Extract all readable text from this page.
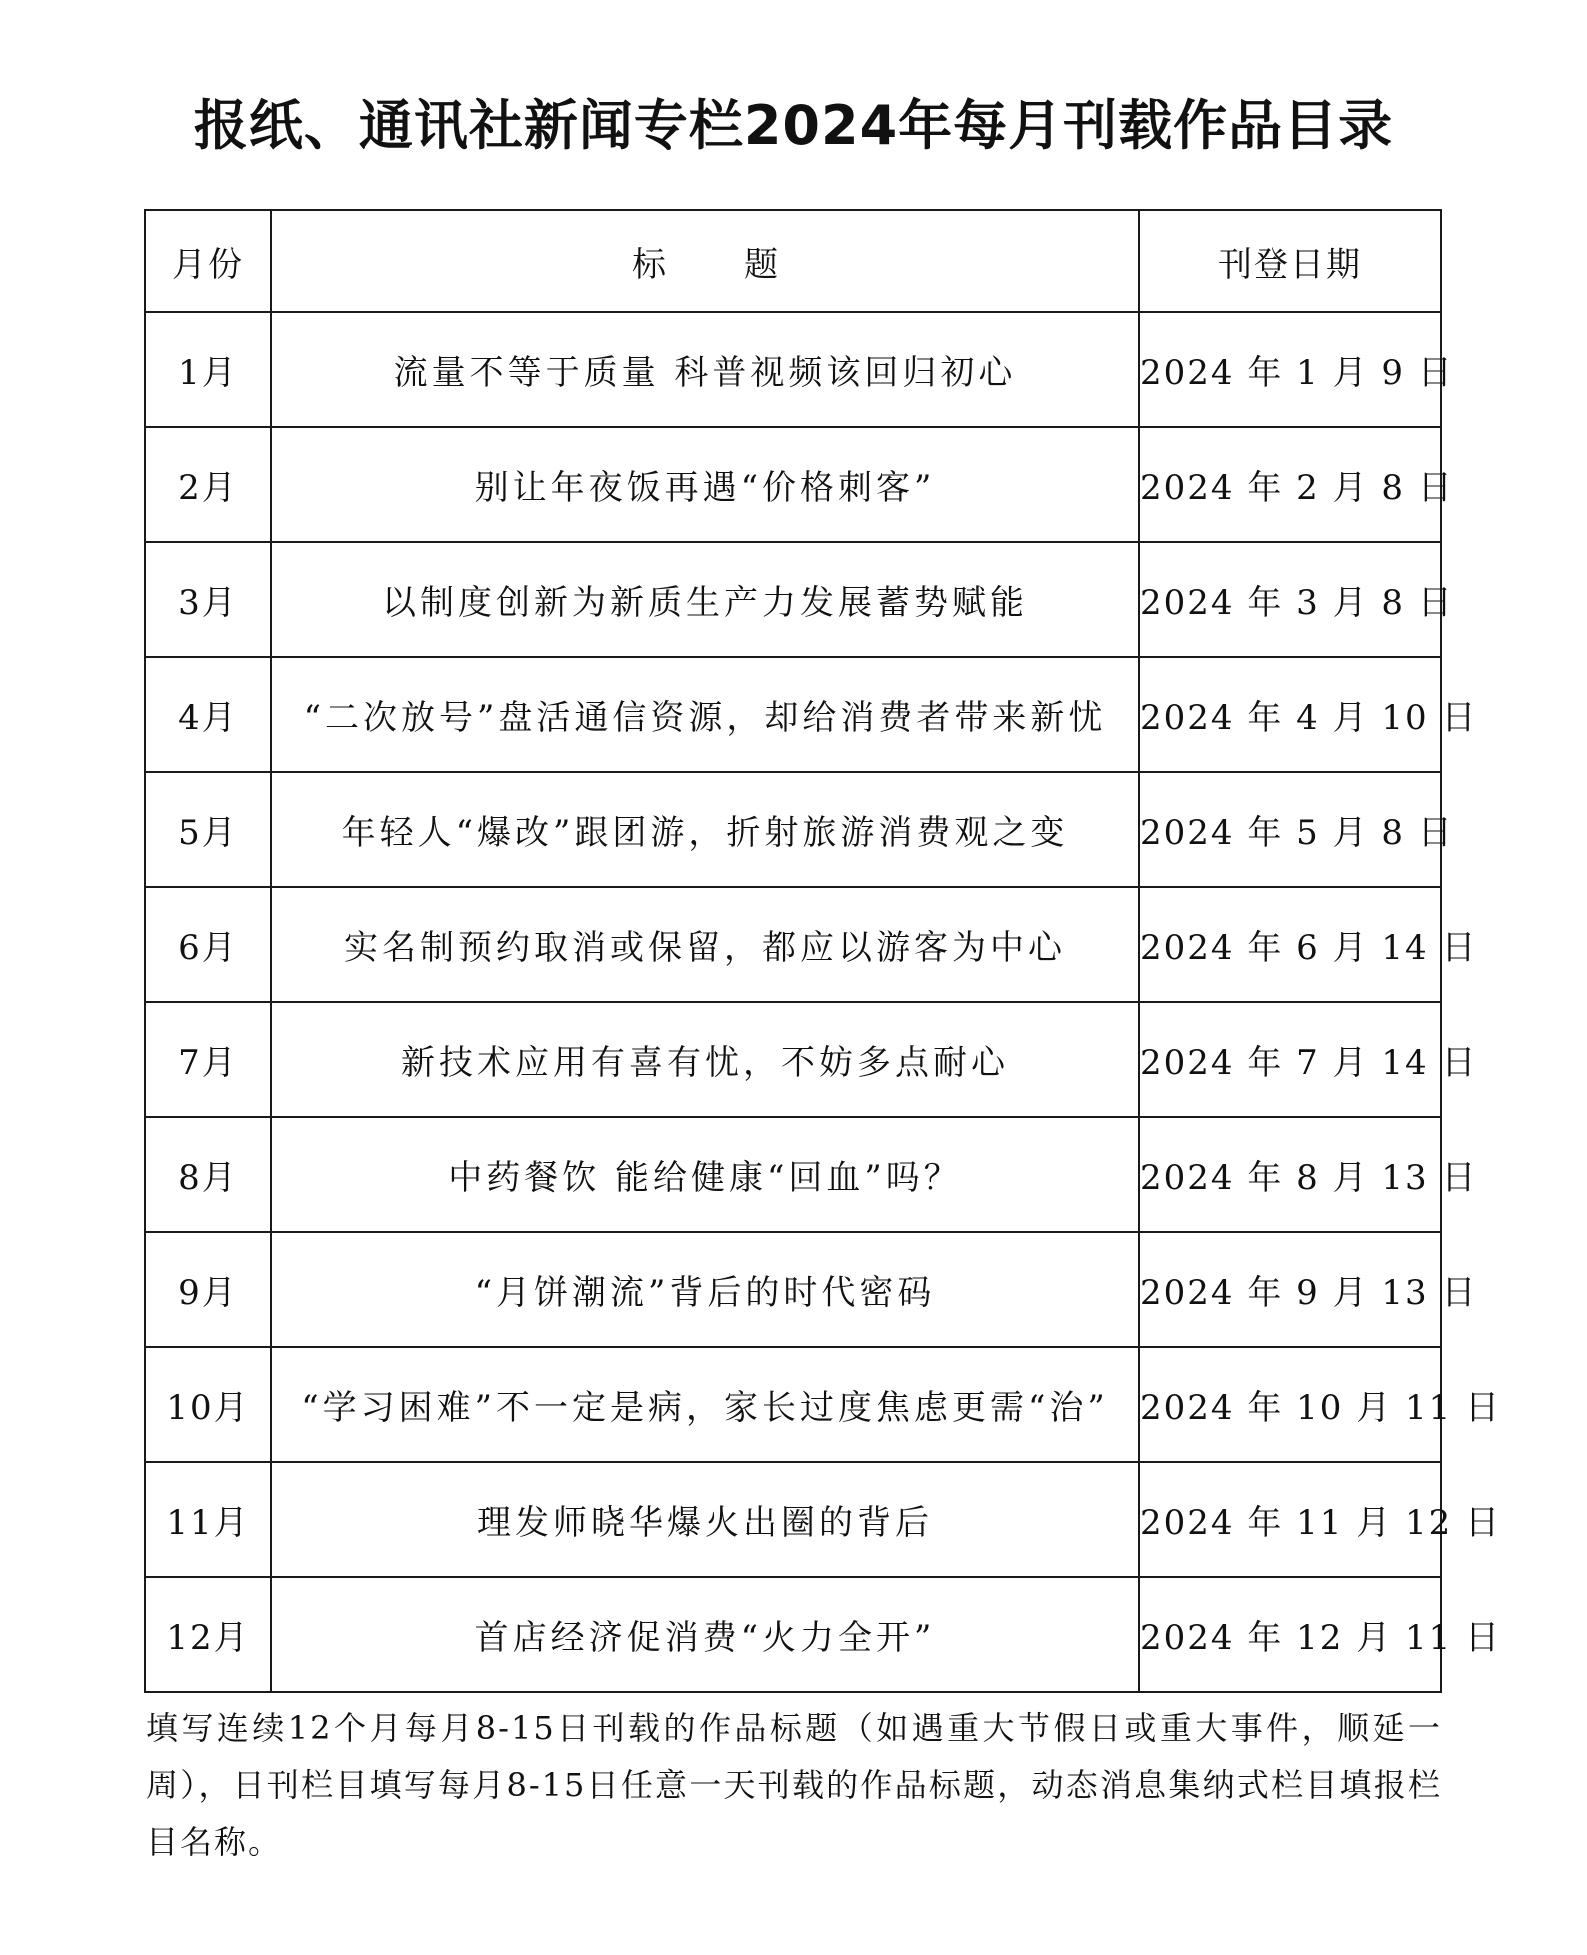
报纸、通讯社新闻专栏2024年每月刊载作品目录
月份	标 题	刊登日期
1月	流量不等于质量 科普视频该回归初心	2024 年 1 月 9 日
2月	别让年夜饭再遇“价格刺客”	2024 年 2 月 8 日
3月	以制度创新为新质生产力发展蓄势赋能	2024 年 3 月 8 日
4月	“二次放号”盘活通信资源，却给消费者带来新忧	2024 年 4 月 10 日
5月	年轻人“爆改”跟团游，折射旅游消费观之变	2024 年 5 月 8 日
6月	实名制预约取消或保留，都应以游客为中心	2024 年 6 月 14 日
7月	新技术应用有喜有忧，不妨多点耐心	2024 年 7 月 14 日
8月	中药餐饮 能给健康“回血”吗？	2024 年 8 月 13 日
9月	“月饼潮流”背后的时代密码	2024 年 9 月 13 日
10月	“学习困难”不一定是病，家长过度焦虑更需“治”	2024 年 10 月 11 日
11月	理发师晓华爆火出圈的背后	2024 年 11 月 12 日
12月	首店经济促消费“火力全开”	2024 年 12 月 11 日
填写连续12个月每月8-15日刊载的作品标题（如遇重大节假日或重大事件，顺延一周），日刊栏目填写每月8-15日任意一天刊载的作品标题，动态消息集纳式栏目填报栏目名称。
